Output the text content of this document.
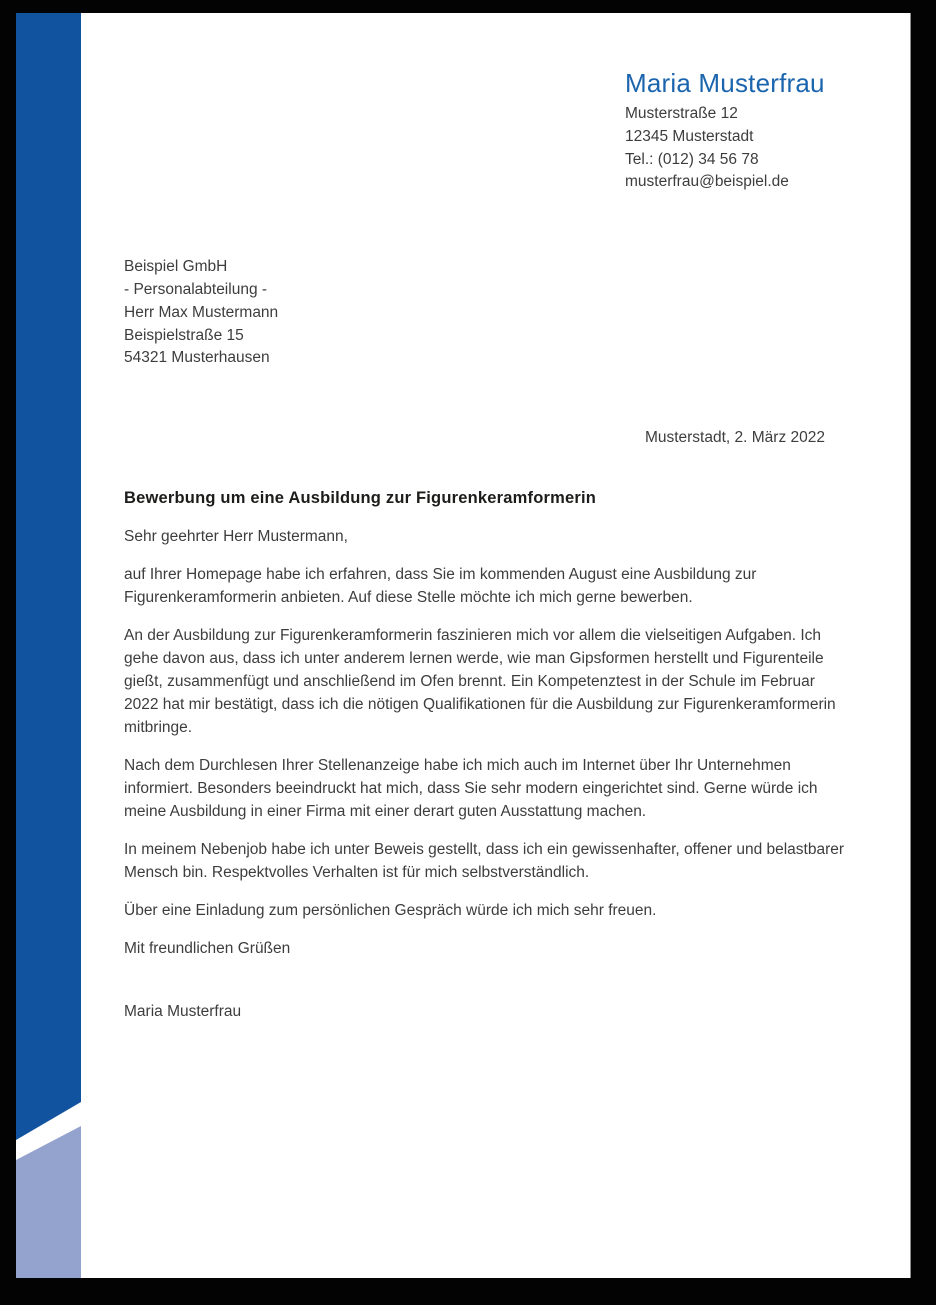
Maria Musterfrau
Musterstraße 12
12345 Musterstadt
Tel.: (012) 34 56 78
musterfrau@beispiel.de
Beispiel GmbH
- Personalabteilung -
Herr Max Mustermann
Beispielstraße 15
54321 Musterhausen
Musterstadt, 2. März 2022
Bewerbung um eine Ausbildung zur Figurenkeramformerin

Sehr geehrter Herr Mustermann,

auf Ihrer Homepage habe ich erfahren, dass Sie im kommenden August eine Ausbildung zur Figurenkeramformerin anbieten. Auf diese Stelle möchte ich mich gerne bewerben.

An der Ausbildung zur Figurenkeramformerin faszinieren mich vor allem die vielseitigen Aufgaben. Ich gehe davon aus, dass ich unter anderem lernen werde, wie man Gipsformen herstellt und Figurenteile gießt, zusammenfügt und anschließend im Ofen brennt. Ein Kompetenztest in der Schule im Februar 2022 hat mir bestätigt, dass ich die nötigen Qualifikationen für die Ausbildung zur Figurenkeramformerin mitbringe.

Nach dem Durchlesen Ihrer Stellenanzeige habe ich mich auch im Internet über Ihr Unternehmen informiert. Besonders beeindruckt hat mich, dass Sie sehr modern eingerichtet sind. Gerne würde ich meine Ausbildung in einer Firma mit einer derart guten Ausstattung machen.

In meinem Nebenjob habe ich unter Beweis gestellt, dass ich ein gewissenhafter, offener und belastbarer Mensch bin. Respektvolles Verhalten ist für mich selbstverständlich.

Über eine Einladung zum persönlichen Gespräch würde ich mich sehr freuen.

Mit freundlichen Grüßen

Maria Musterfrau
